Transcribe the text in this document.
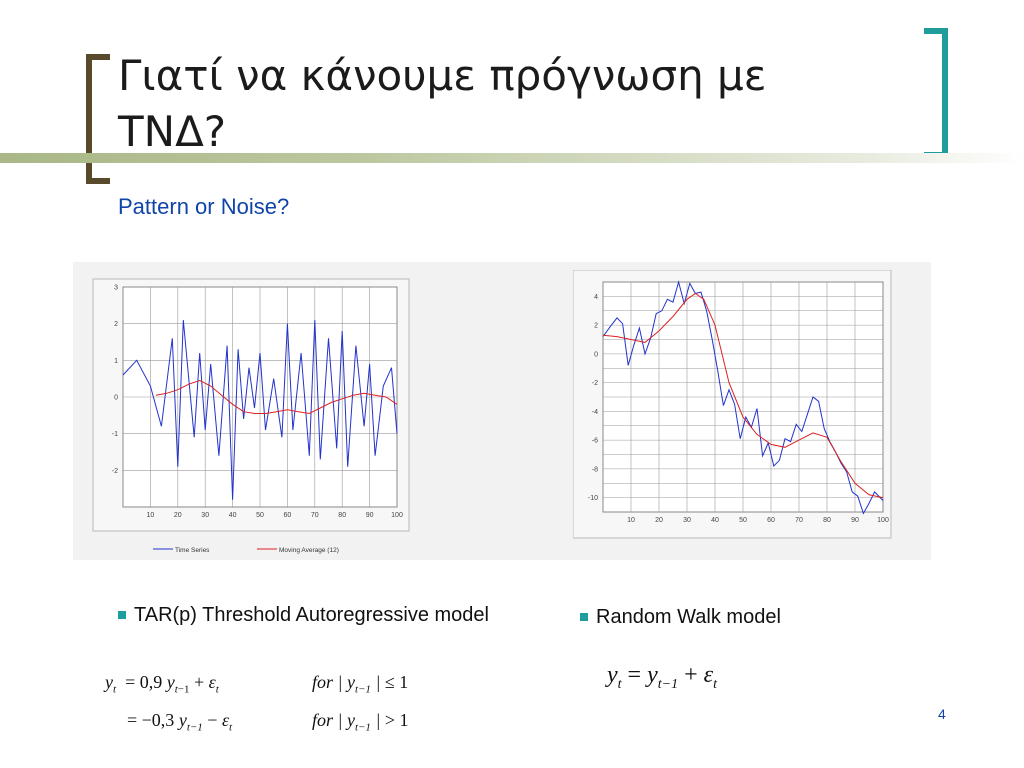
Γιατί να κάνουμε πρόγνωση με ΤΝΔ?
Pattern or Noise?
10	20	30	40	50	60	70	80	90	100
-2
-1
0
1
2
3
Time Series	Moving Average (12)
10	20	30	40	50	60	70	80	90	100
-10
-8
-6
-4
-2
0
2
4
TAR(p) Threshold Autoregressive model
$y_t = 0,9$ $y_{t-1} + \varepsilon_t$	for | $y_{t-1}$ | ≤ 1
= −0,3 $y_{t-1} - \varepsilon_t$	for | $y_{t-1}$ | > 1
Random Walk model
$y_t = y_{t-1} + \varepsilon_t$
4
